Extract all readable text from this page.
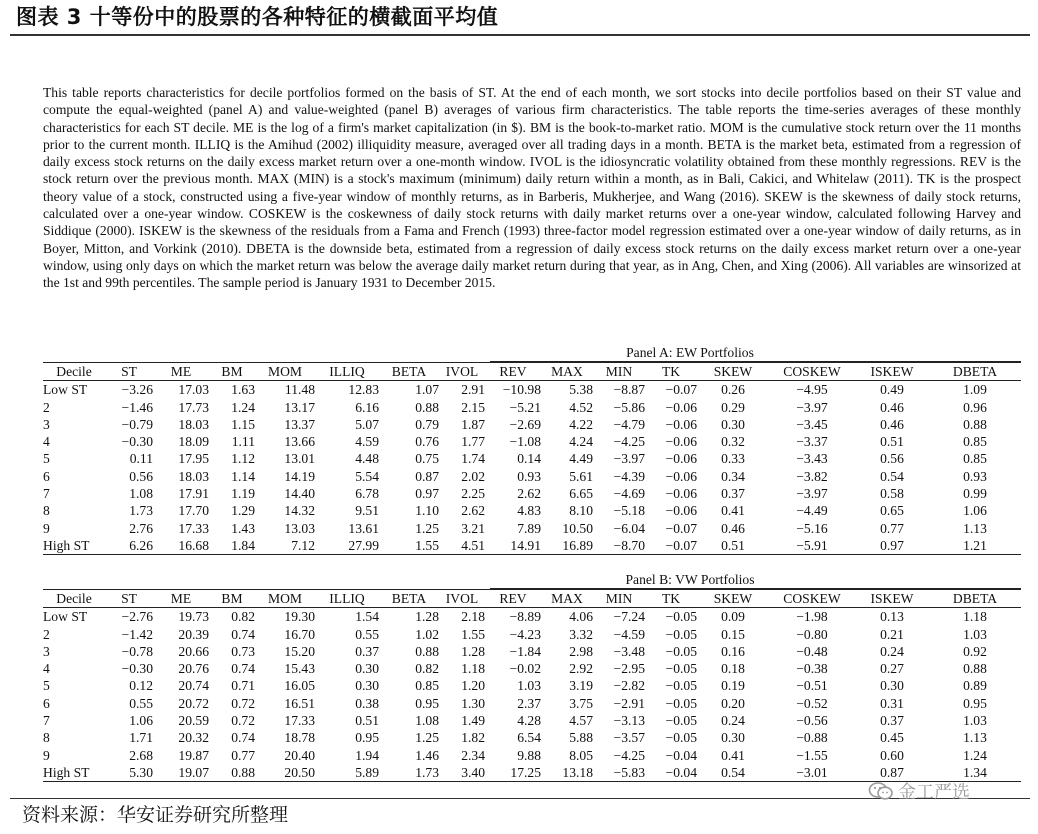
图表 3 十等份中的股票的各种特征的横截面平均值

This table reports characteristics for decile portfolios formed on the basis of ST. At the end of each month, we sort stocks into decile portfolios based on their ST value and compute the equal-weighted (panel A) and value-weighted (panel B) averages of various firm characteristics. The table reports the time-series averages of these monthly characteristics for each ST decile. ME is the log of a firm's market capitalization (in $). BM is the book-to-market ratio. MOM is the cumulative stock return over the 11 months prior to the current month. ILLIQ is the Amihud (2002) illiquidity measure, averaged over all trading days in a month. BETA is the market beta, estimated from a regression of daily excess stock returns on the daily excess market return over a one-month window. IVOL is the idiosyncratic volatility obtained from these monthly regressions. REV is the stock return over the previous month. MAX (MIN) is a stock's maximum (minimum) daily return within a month, as in Bali, Cakici, and Whitelaw (2011). TK is the prospect theory value of a stock, constructed using a five-year window of monthly returns, as in Barberis, Mukherjee, and Wang (2016). SKEW is the skewness of daily stock returns, calculated over a one-year window. COSKEW is the coskewness of daily stock returns with daily market returns over a one-year window, calculated following Harvey and Siddique (2000). ISKEW is the skewness of the residuals from a Fama and French (1993) three-factor model regression estimated over a one-year window of daily returns, as in Boyer, Mitton, and Vorkink (2010). DBETA is the downside beta, estimated from a regression of daily excess stock returns on the daily excess market return over a one-year window, using only days on which the market return was below the average daily market return during that year, as in Ang, Chen, and Xing (2006). All variables are winsorized at the 1st and 99th percentiles. The sample period is January 1931 to December 2015.

Panel A: EW Portfolios
Decile	ST	ME	BM	MOM	ILLIQ	BETA	IVOL	REV	MAX	MIN	TK	SKEW	COSKEW	ISKEW	DBETA
Low ST	−3.26	17.03	1.63	11.48	12.83	1.07	2.91	−10.98	5.38	−8.87	−0.07	0.26	−4.95	0.49	1.09
2	−1.46	17.73	1.24	13.17	6.16	0.88	2.15	−5.21	4.52	−5.86	−0.06	0.29	−3.97	0.46	0.96
3	−0.79	18.03	1.15	13.37	5.07	0.79	1.87	−2.69	4.22	−4.79	−0.06	0.30	−3.45	0.46	0.88
4	−0.30	18.09	1.11	13.66	4.59	0.76	1.77	−1.08	4.24	−4.25	−0.06	0.32	−3.37	0.51	0.85
5	0.11	17.95	1.12	13.01	4.48	0.75	1.74	0.14	4.49	−3.97	−0.06	0.33	−3.43	0.56	0.85
6	0.56	18.03	1.14	14.19	5.54	0.87	2.02	0.93	5.61	−4.39	−0.06	0.34	−3.82	0.54	0.93
7	1.08	17.91	1.19	14.40	6.78	0.97	2.25	2.62	6.65	−4.69	−0.06	0.37	−3.97	0.58	0.99
8	1.73	17.70	1.29	14.32	9.51	1.10	2.62	4.83	8.10	−5.18	−0.06	0.41	−4.49	0.65	1.06
9	2.76	17.33	1.43	13.03	13.61	1.25	3.21	7.89	10.50	−6.04	−0.07	0.46	−5.16	0.77	1.13
High ST	6.26	16.68	1.84	7.12	27.99	1.55	4.51	14.91	16.89	−8.70	−0.07	0.51	−5.91	0.97	1.21
Panel B: VW Portfolios
Decile	ST	ME	BM	MOM	ILLIQ	BETA	IVOL	REV	MAX	MIN	TK	SKEW	COSKEW	ISKEW	DBETA
Low ST	−2.76	19.73	0.82	19.30	1.54	1.28	2.18	−8.89	4.06	−7.24	−0.05	0.09	−1.98	0.13	1.18
2	−1.42	20.39	0.74	16.70	0.55	1.02	1.55	−4.23	3.32	−4.59	−0.05	0.15	−0.80	0.21	1.03
3	−0.78	20.66	0.73	15.20	0.37	0.88	1.28	−1.84	2.98	−3.48	−0.05	0.16	−0.48	0.24	0.92
4	−0.30	20.76	0.74	15.43	0.30	0.82	1.18	−0.02	2.92	−2.95	−0.05	0.18	−0.38	0.27	0.88
5	0.12	20.74	0.71	16.05	0.30	0.85	1.20	1.03	3.19	−2.82	−0.05	0.19	−0.51	0.30	0.89
6	0.55	20.72	0.72	16.51	0.38	0.95	1.30	2.37	3.75	−2.91	−0.05	0.20	−0.52	0.31	0.95
7	1.06	20.59	0.72	17.33	0.51	1.08	1.49	4.28	4.57	−3.13	−0.05	0.24	−0.56	0.37	1.03
8	1.71	20.32	0.74	18.78	0.95	1.25	1.82	6.54	5.88	−3.57	−0.05	0.30	−0.88	0.45	1.13
9	2.68	19.87	0.77	20.40	1.94	1.46	2.34	9.88	8.05	−4.25	−0.04	0.41	−1.55	0.60	1.24
High ST	5.30	19.07	0.88	20.50	5.89	1.73	3.40	17.25	13.18	−5.83	−0.04	0.54	−3.01	0.87	1.34
资料来源：华安证券研究所整理
金工严选
